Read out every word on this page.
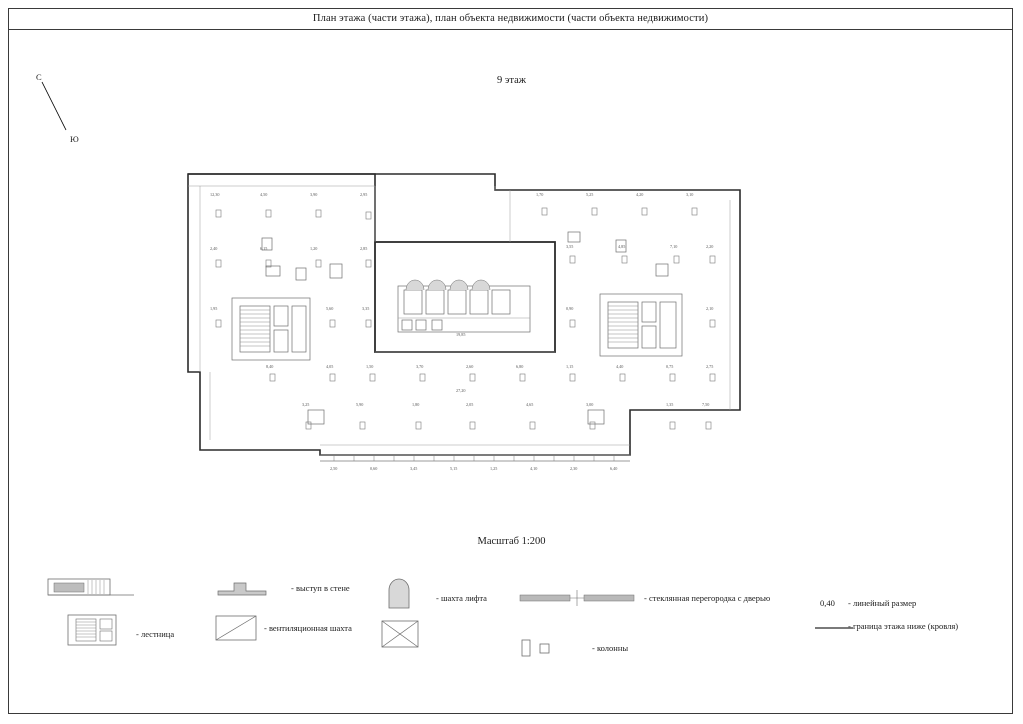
План этажа (части этажа), план объекта недвижимости (части объекта недвижимости)
9 этаж
С
Ю
12,30	4,50	3,90	2,95	1,70	5,25	4,20	3,10
2,40	6,15	1,20	2,85	3,55	4,85	7,10	2,20
1,95	5,60	3,35	0,90	2,10
8,40	4,05	1,50	3,70	2,60	6,80	1,15	4,40	0,75	2,75
3,25	5,90	1,80	2,05	4,65	3,00	1,35	7,50
27,20
19,85
2,50	0,60	3,45	5,15	1,25	4,10	2,30	6,40
Масштаб 1:200
- лестница
- выступ в стене
- вентиляционная шахта
- шахта лифта	- стеклянная перегородка с дверью
- колонны
0,40 - линейный размер
- граница этажа ниже (кровля)
